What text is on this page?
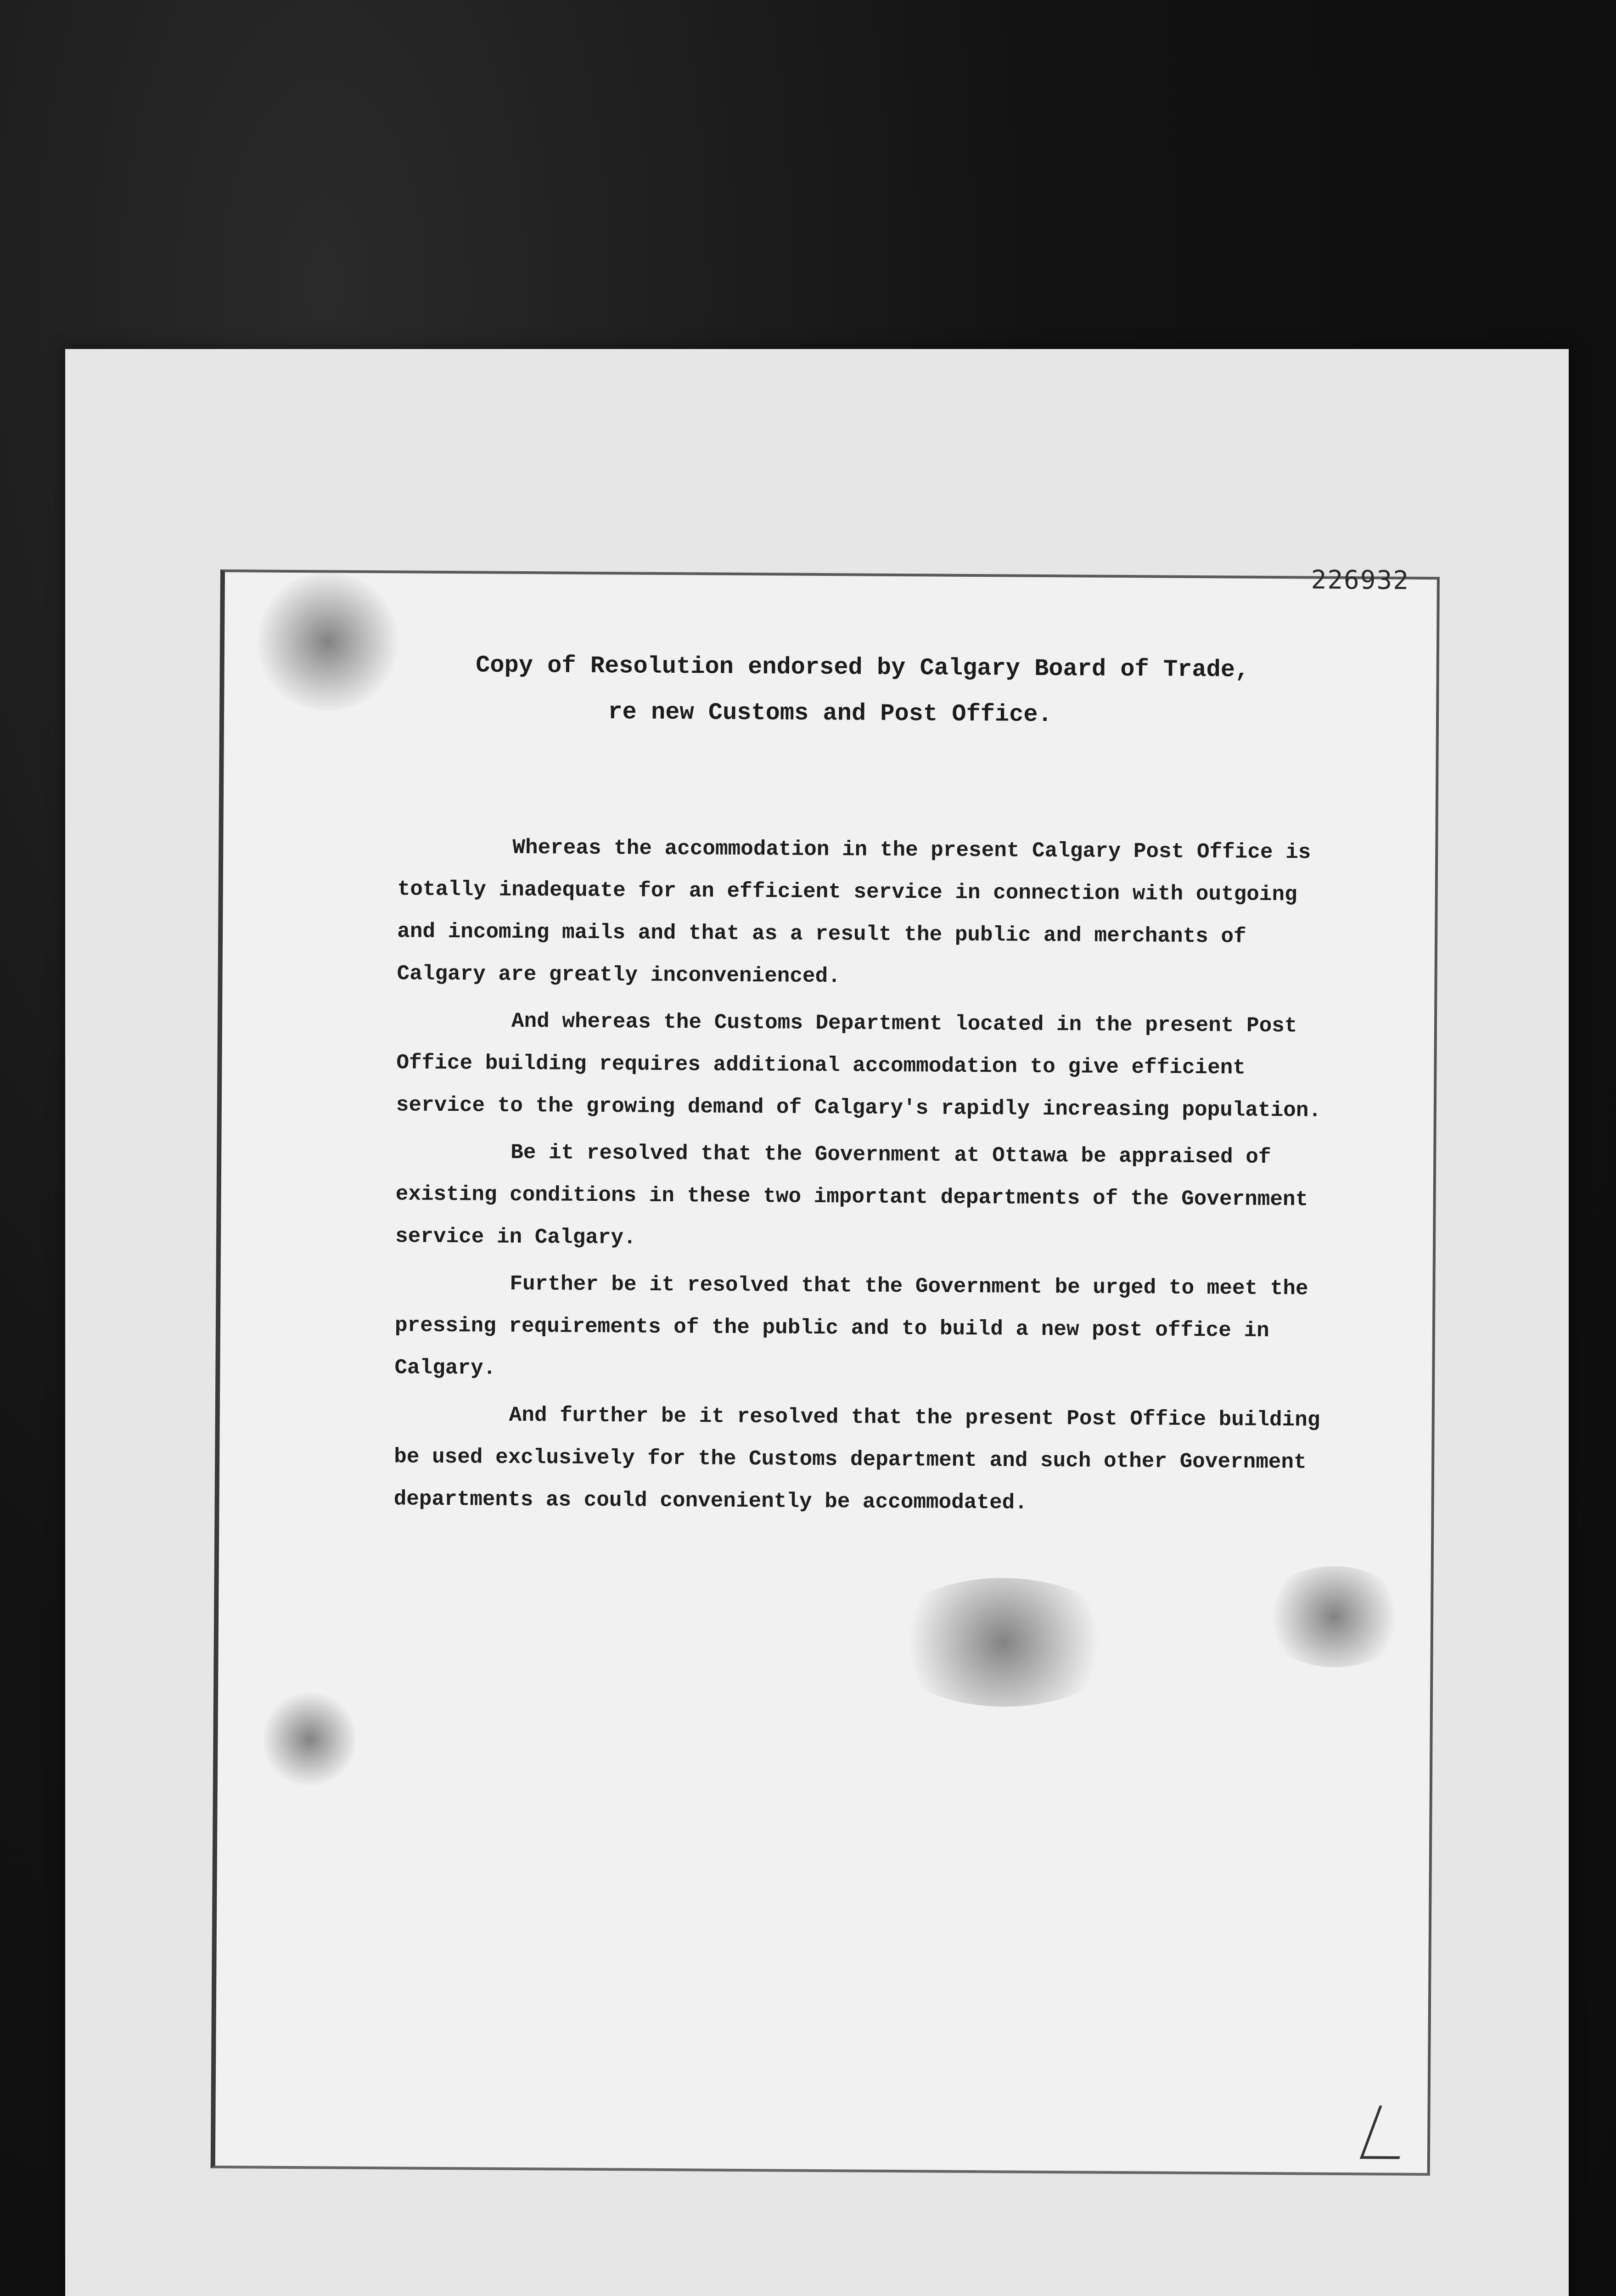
226932
Copy of Resolution endorsed by Calgary Board of Trade,
re new Customs and Post Office.

Whereas the accommodation in the present Calgary Post Office is totally inadequate for an efficient service in connection with outgoing and incoming mails and that as a result the public and merchants of Calgary are greatly inconvenienced.

And whereas the Customs Department located in the present Post Office building requires additional accommodation to give efficient service to the growing demand of Calgary's rapidly increasing population.

Be it resolved that the Government at Ottawa be appraised of existing conditions in these two important departments of the Government service in Calgary.

Further be it resolved that the Government be urged to meet the pressing requirements of the public and to build a new post office in Calgary.

And further be it resolved that the present Post Office building be used exclusively for the Customs department and such other Government departments as could conveniently be accommodated.
